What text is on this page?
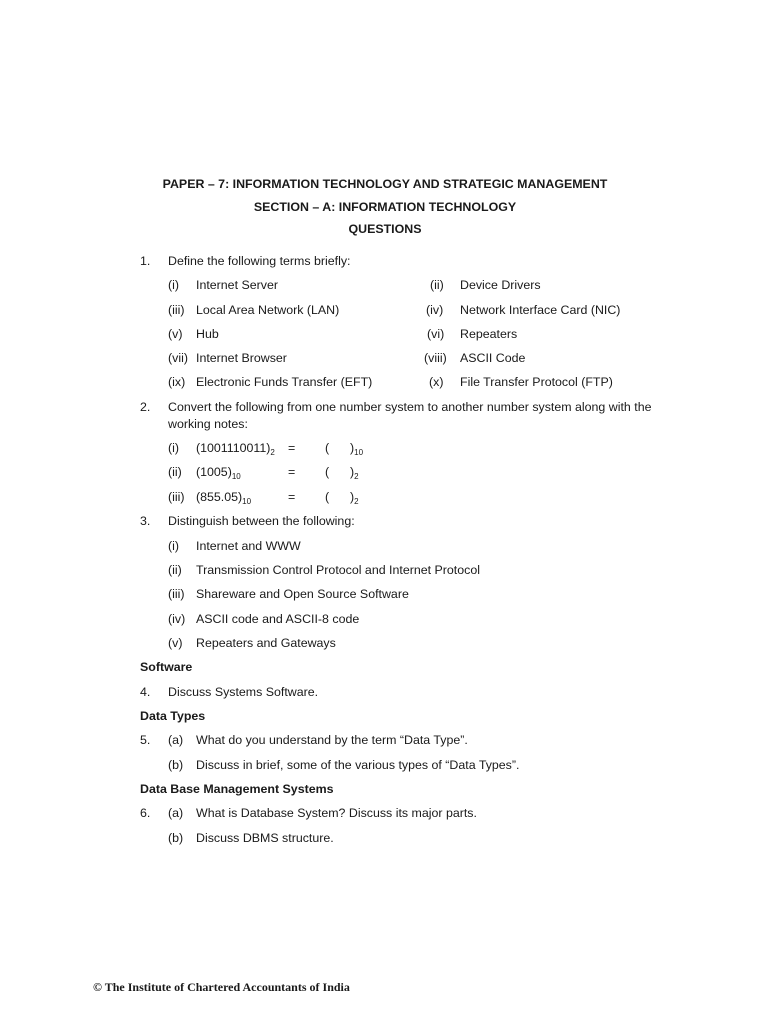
PAPER – 7: INFORMATION TECHNOLOGY AND STRATEGIC MANAGEMENT
SECTION – A: INFORMATION TECHNOLOGY
QUESTIONS
1. Define the following terms briefly:
(i) Internet Server	(ii) Device Drivers
(iii) Local Area Network (LAN)	(iv) Network Interface Card (NIC)
(v) Hub	(vi) Repeaters
(vii) Internet Browser	(viii) ASCII Code
(ix) Electronic Funds Transfer (EFT)	(x) File Transfer Protocol (FTP)
2. Convert the following from one number system to another number system along with the
working notes:
(i) $(1001110011)_2$ = ( )$_{10}$
(ii) $(1005)_{10}$	= ( )$_2$
(iii) $(855.05)_{10}$	= ( )$_2$
3. Distinguish between the following:
(i) Internet and WWW
(ii) Transmission Control Protocol and Internet Protocol
(iii) Shareware and Open Source Software
(iv) ASCII code and ASCII-8 code
(v) Repeaters and Gateways
Software
4. Discuss Systems Software.
Data Types
5. (a) What do you understand by the term “Data Type”.
(b) Discuss in brief, some of the various types of “Data Types”.
Data Base Management Systems
6. (a) What is Database System? Discuss its major parts.
(b) Discuss DBMS structure.
© The Institute of Chartered Accountants of India
